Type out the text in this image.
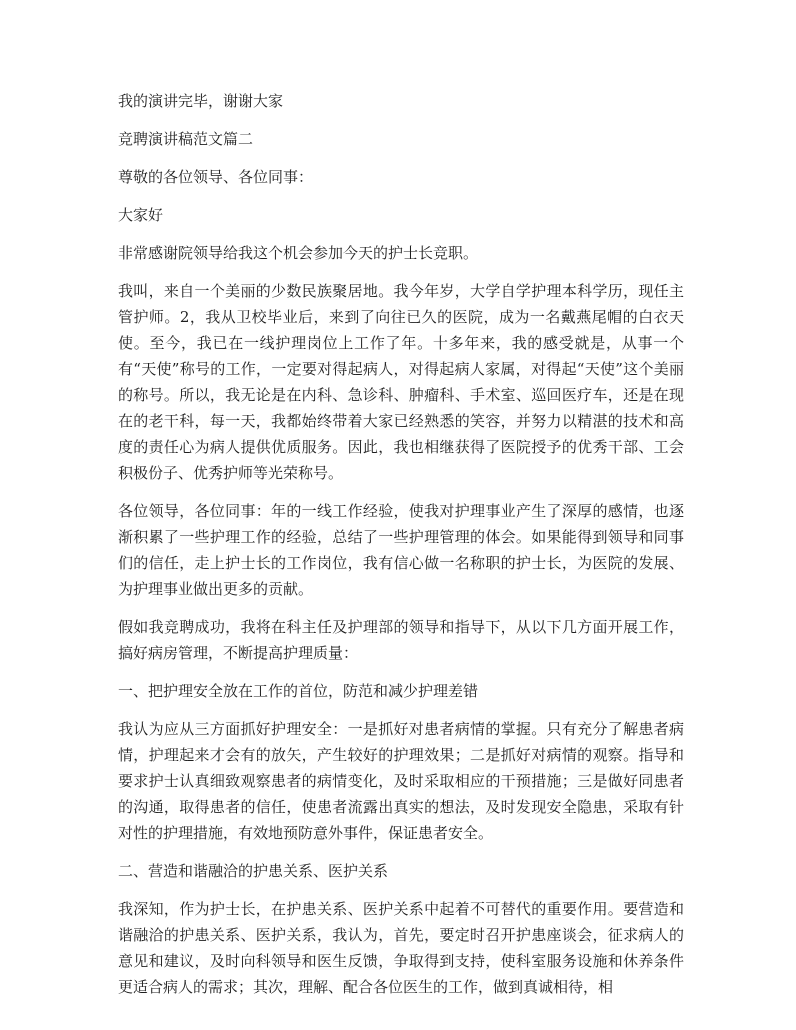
我的演讲完毕，谢谢大家

竞聘演讲稿范文篇二

尊敬的各位领导、各位同事：

大家好

非常感谢院领导给我这个机会参加今天的护士长竞职。

我叫，来自一个美丽的少数民族聚居地。我今年岁，大学自学护理本科学历，现任主管护师。2，我从卫校毕业后，来到了向往已久的医院，成为一名戴燕尾帽的白衣天使。至今，我已在一线护理岗位上工作了年。十多年来，我的感受就是，从事一个有“天使”称号的工作，一定要对得起病人，对得起病人家属，对得起“天使”这个美丽的称号。所以，我无论是在内科、急诊科、肿瘤科、手术室、巡回医疗车，还是在现在的老干科，每一天，我都始终带着大家已经熟悉的笑容，并努力以精湛的技术和高度的责任心为病人提供优质服务。因此，我也相继获得了医院授予的优秀干部、工会积极份子、优秀护师等光荣称号。

各位领导，各位同事：年的一线工作经验，使我对护理事业产生了深厚的感情，也逐渐积累了一些护理工作的经验，总结了一些护理管理的体会。如果能得到领导和同事们的信任，走上护士长的工作岗位，我有信心做一名称职的护士长，为医院的发展、为护理事业做出更多的贡献。

假如我竞聘成功，我将在科主任及护理部的领导和指导下，从以下几方面开展工作，搞好病房管理，不断提高护理质量：

一、把护理安全放在工作的首位，防范和减少护理差错

我认为应从三方面抓好护理安全：一是抓好对患者病情的掌握。只有充分了解患者病情，护理起来才会有的放矢，产生较好的护理效果；二是抓好对病情的观察。指导和要求护士认真细致观察患者的病情变化，及时采取相应的干预措施；三是做好同患者的沟通，取得患者的信任，使患者流露出真实的想法，及时发现安全隐患，采取有针对性的护理措施，有效地预防意外事件，保证患者安全。

二、营造和谐融洽的护患关系、医护关系

我深知，作为护士长，在护患关系、医护关系中起着不可替代的重要作用。要营造和谐融洽的护患关系、医护关系，我认为，首先，要定时召开护患座谈会，征求病人的意见和建议，及时向科领导和医生反馈，争取得到支持，使科室服务设施和休养条件更适合病人的需求；其次，理解、配合各位医生的工作，做到真诚相待，相
